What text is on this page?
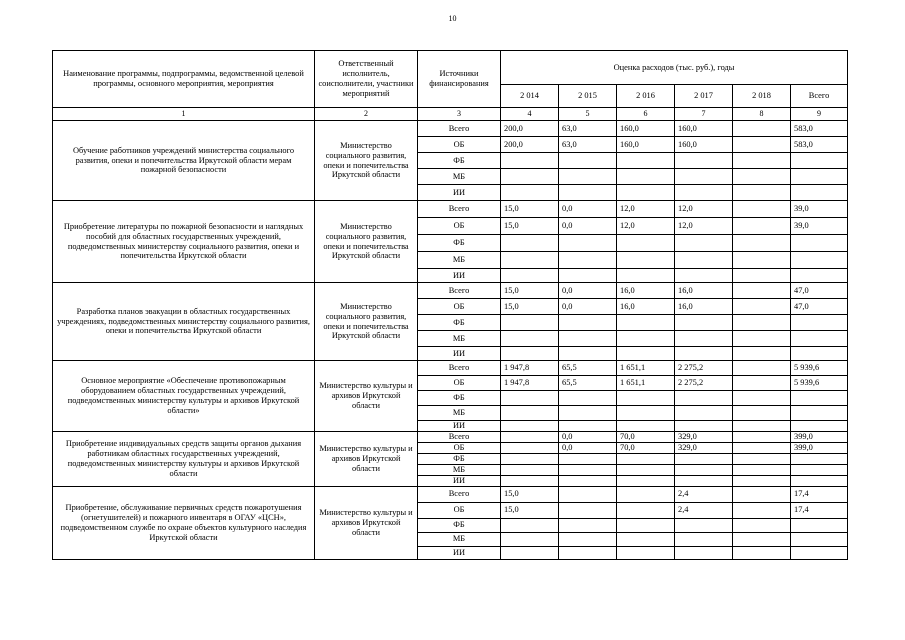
10
Наименование программы, подпрограммы, ведомственной целевой программы, основного мероприятия, мероприятия	Ответственный исполнитель, соисполнители, участники мероприятий	Источники финансирования	Оценка расходов (тыс. руб.), годы					
			2 014	2 015	2 016	2 017	2 018	Всего
1	2	3	4	5	6	7	8	9
Обучение работников учреждений министерства социального развития, опеки и попечительства Иркутской области мерам пожарной безопасности	Министерство социального развития, опеки и попечительства Иркутской области	Всего	200,0	63,0	160,0	160,0		583,0
		ОБ	200,0	63,0	160,0	160,0		583,0
		ФБ						
		МБ						
		ИИ						
Приобретение литературы по пожарной безопасности и наглядных пособий для областных государственных учреждений, подведомственных министерству социального развития, опеки и попечительства Иркутской области	Министерство социального развития, опеки и попечительства Иркутской области	Всего	15,0	0,0	12,0	12,0		39,0
		ОБ	15,0	0,0	12,0	12,0		39,0
		ФБ						
		МБ						
		ИИ						
Разработка планов эвакуации в областных государственных учреждениях, подведомственных министерству социального развития, опеки и попечительства Иркутской области	Министерство социального развития, опеки и попечительства Иркутской области	Всего	15,0	0,0	16,0	16,0		47,0
		ОБ	15,0	0,0	16,0	16,0		47,0
		ФБ						
		МБ						
		ИИ						
Основное мероприятие «Обеспечение противопожарным оборудованием областных государственных учреждений, подведомственных министерству культуры и архивов Иркутской области»	Министерство культуры и архивов Иркутской области	Всего	1 947,8	65,5	1 651,1	2 275,2		5 939,6
		ОБ	1 947,8	65,5	1 651,1	2 275,2		5 939,6
		ФБ						
		МБ						
		ИИ						
Приобретение индивидуальных средств защиты органов дыхания работникам областных государственных учреждений, подведомственных министерству культуры и архивов Иркутской области	Министерство культуры и архивов Иркутской области	Всего		0,0	70,0	329,0		399,0
		ОБ		0,0	70,0	329,0		399,0
		ФБ						
		МБ						
		ИИ						
Приобретение, обслуживание первичных средств пожаротушения (огнетушителей) и пожарного инвентаря в ОГАУ «ЦСН», подведомственном службе по охране объектов культурного наследия Иркутской области	Министерство культуры и архивов Иркутской области	Всего	15,0			2,4		17,4
		ОБ	15,0			2,4		17,4
		ФБ						
		МБ						
		ИИ						
